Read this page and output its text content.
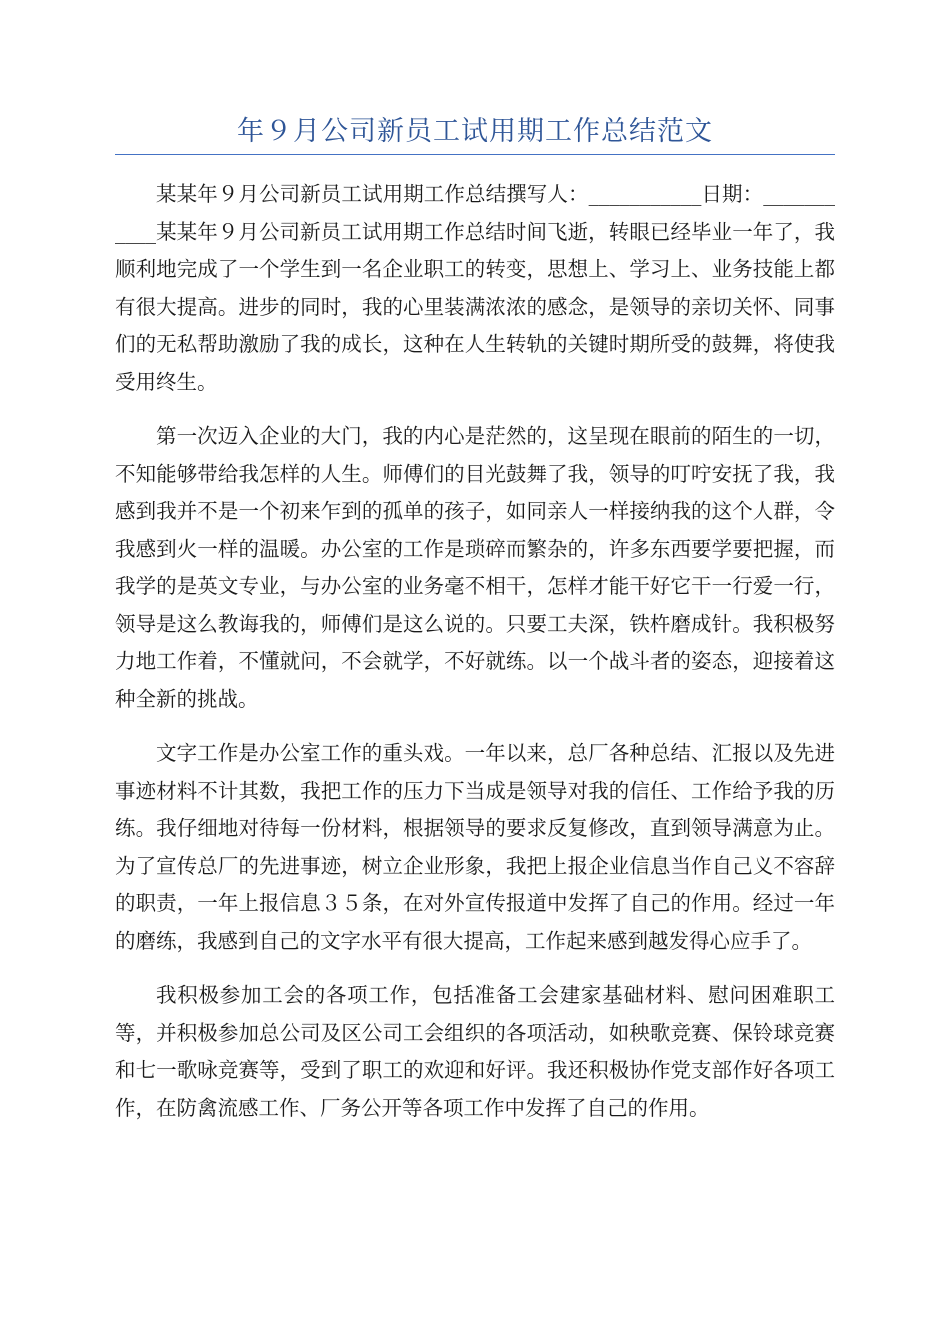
年９月公司新员工试用期工作总结范文

某某年９月公司新员工试用期工作总结撰写人：___________日期：___________某某年９月公司新员工试用期工作总结时间飞逝，转眼已经毕业一年了，我顺利地完成了一个学生到一名企业职工的转变，思想上、学习上、业务技能上都有很大提高。进步的同时，我的心里装满浓浓的感念，是领导的亲切关怀、同事们的无私帮助激励了我的成长，这种在人生转轨的关键时期所受的鼓舞，将使我受用终生。

第一次迈入企业的大门，我的内心是茫然的，这呈现在眼前的陌生的一切，不知能够带给我怎样的人生。师傅们的目光鼓舞了我，领导的叮咛安抚了我，我感到我并不是一个初来乍到的孤单的孩子，如同亲人一样接纳我的这个人群，令我感到火一样的温暖。办公室的工作是琐碎而繁杂的，许多东西要学要把握，而我学的是英文专业，与办公室的业务毫不相干，怎样才能干好它干一行爱一行，领导是这么教诲我的，师傅们是这么说的。只要工夫深，铁杵磨成针。我积极努力地工作着，不懂就问，不会就学，不好就练。以一个战斗者的姿态，迎接着这种全新的挑战。

文字工作是办公室工作的重头戏。一年以来，总厂各种总结、汇报以及先进事迹材料不计其数，我把工作的压力下当成是领导对我的信任、工作给予我的历练。我仔细地对待每一份材料，根据领导的要求反复修改，直到领导满意为止。为了宣传总厂的先进事迹，树立企业形象，我把上报企业信息当作自己义不容辞的职责，一年上报信息３５条，在对外宣传报道中发挥了自己的作用。经过一年的磨练，我感到自己的文字水平有很大提高，工作起来感到越发得心应手了。

我积极参加工会的各项工作，包括准备工会建家基础材料、慰问困难职工等，并积极参加总公司及区公司工会组织的各项活动，如秧歌竞赛、保铃球竞赛和七一歌咏竞赛等，受到了职工的欢迎和好评。我还积极协作党支部作好各项工作，在防禽流感工作、厂务公开等各项工作中发挥了自己的作用。
